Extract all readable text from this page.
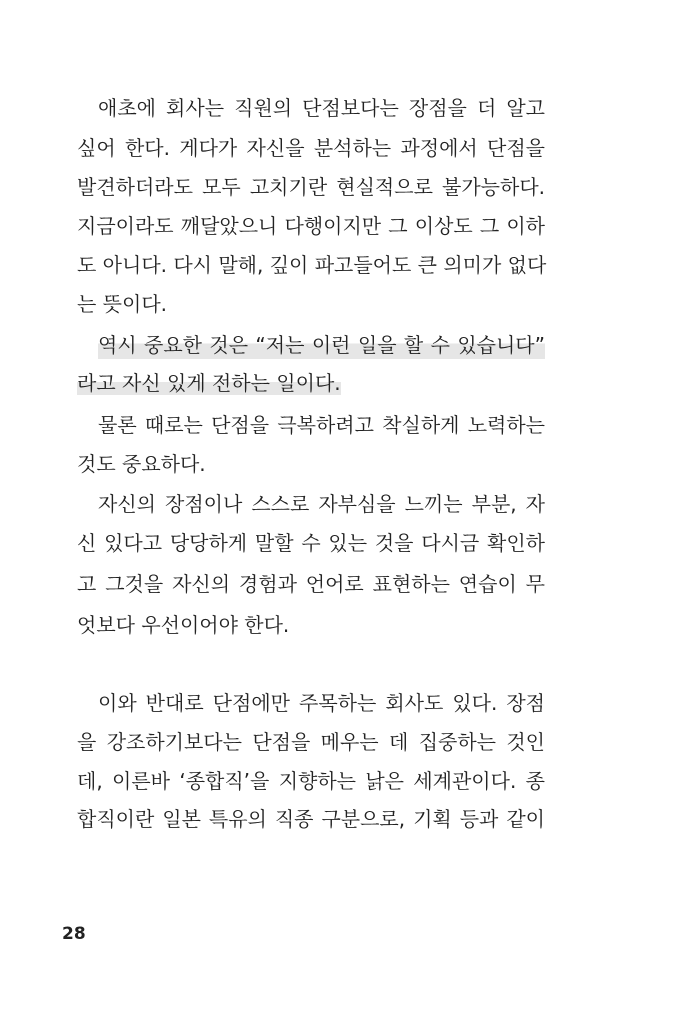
애초에 회사는 직원의 단점보다는 장점을 더 알고
싶어 한다. 게다가 자신을 분석하는 과정에서 단점을
발견하더라도 모두 고치기란 현실적으로 불가능하다.
지금이라도 깨달았으니 다행이지만 그 이상도 그 이하
도 아니다. 다시 말해, 깊이 파고들어도 큰 의미가 없다
는 뜻이다.
역시 중요한 것은 “저는 이런 일을 할 수 있습니다”
라고 자신 있게 전하는 일이다.
물론 때로는 단점을 극복하려고 착실하게 노력하는
것도 중요하다.
자신의 장점이나 스스로 자부심을 느끼는 부분, 자
신 있다고 당당하게 말할 수 있는 것을 다시금 확인하
고 그것을 자신의 경험과 언어로 표현하는 연습이 무
엇보다 우선이어야 한다.
이와 반대로 단점에만 주목하는 회사도 있다. 장점
을 강조하기보다는 단점을 메우는 데 집중하는 것인
데, 이른바 ‘종합직’을 지향하는 낡은 세계관이다. 종
합직이란 일본 특유의 직종 구분으로, 기획 등과 같이
28
